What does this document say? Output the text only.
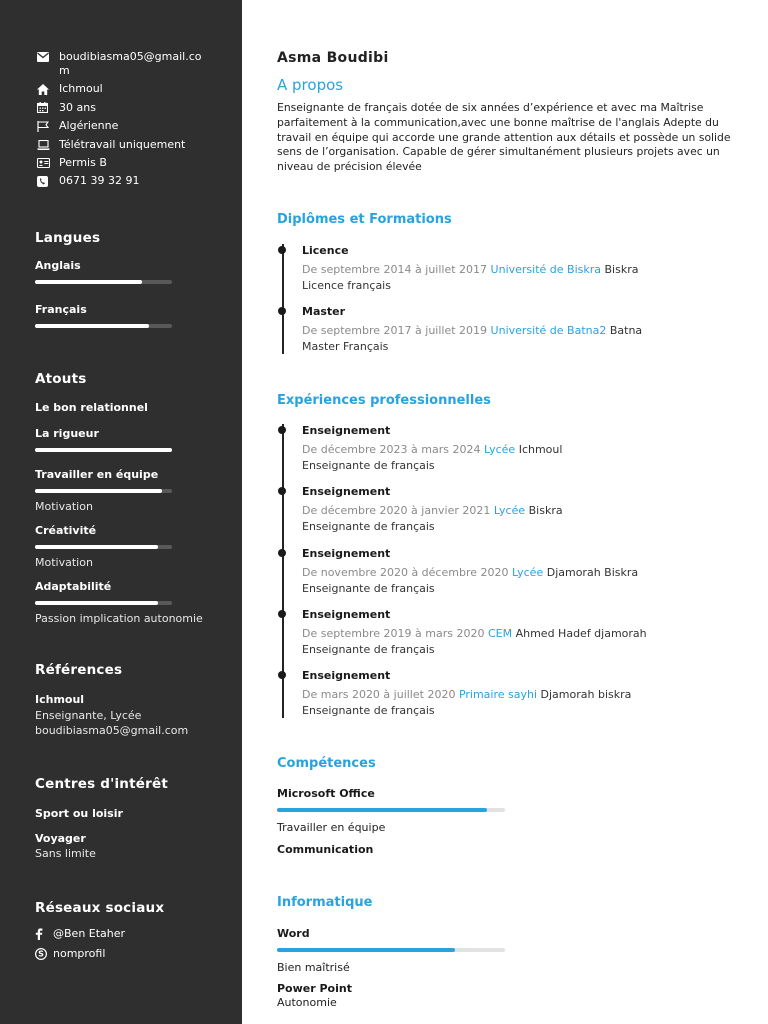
boudibiasma05@gmail.com
Ichmoul
30 ans
Algérienne
Télétravail uniquement
Permis B
0671 39 32 91
Langues
Anglais
Français
Atouts
Le bon relationnel
La rigueur
Travailler en équipe
Motivation
Créativité
Motivation
Adaptabilité
Passion implication autonomie
Références
Ichmoul
Enseignante, Lycée
boudibiasma05@gmail.com
Centres d'intérêt
Sport ou loisir
Voyager
Sans limite
Réseaux sociaux
@Ben Etaher
S nomprofil
Asma Boudibi
A propos

Enseignante de français dotée de six années d’expérience et avec ma Maîtrise parfaitement à la communication,avec une bonne maîtrise de l'anglais Adepte du travail en équipe qui accorde une grande attention aux détails et possède un solide sens de l’organisation. Capable de gérer simultanément plusieurs projets avec un niveau de précision élevée

Diplômes et Formations
Licence
De septembre 2014 à juillet 2017 Université de Biskra Biskra
Licence français
Master
De septembre 2017 à juillet 2019 Université de Batna2 Batna
Master Français
Expériences professionnelles
Enseignement
De décembre 2023 à mars 2024 Lycée Ichmoul
Enseignante de français
Enseignement
De décembre 2020 à janvier 2021 Lycée Biskra
Enseignante de français
Enseignement
De novembre 2020 à décembre 2020 Lycée Djamorah Biskra
Enseignante de français
Enseignement
De septembre 2019 à mars 2020 CEM Ahmed Hadef djamorah
Enseignante de français
Enseignement
De mars 2020 à juillet 2020 Primaire sayhi Djamorah biskra
Enseignante de français
Compétences
Microsoft Office
Travailler en équipe
Communication
Informatique
Word
Bien maîtrisé
Power Point
Autonomie
